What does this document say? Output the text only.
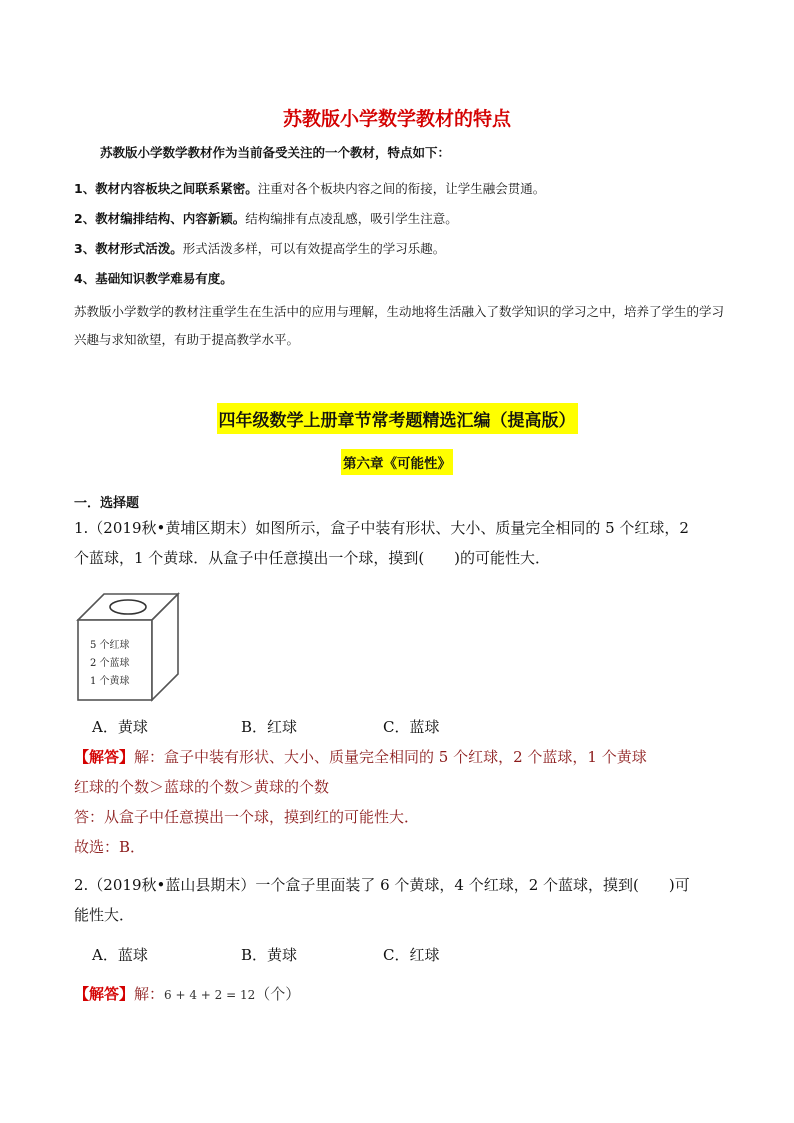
苏教版小学数学教材的特点
苏教版小学数学教材作为当前备受关注的一个教材，特点如下：
1、教材内容板块之间联系紧密。注重对各个板块内容之间的衔接，让学生融会贯通。
2、教材编排结构、内容新颖。结构编排有点凌乱感，吸引学生注意。
3、教材形式活泼。形式活泼多样，可以有效提高学生的学习乐趣。
4、基础知识教学难易有度。
苏教版小学数学的教材注重学生在生活中的应用与理解，生动地将生活融入了数学知识的学习之中，培养了学生的学习兴趣与求知欲望，有助于提高教学水平。
四年级数学上册章节常考题精选汇编（提高版）
第六章《可能性》
一．选择题
1.（2019秋•黄埔区期末）如图所示，盒子中装有形状、大小、质量完全相同的 5 个红球，2
个蓝球，1 个黄球．从盒子中任意摸出一个球，摸到( )的可能性大．
5 个红球
2 个蓝球
1 个黄球
A．黄球	B．红球	C．蓝球
【解答】解：盒子中装有形状、大小、质量完全相同的 5 个红球，2 个蓝球，1 个黄球
红球的个数＞蓝球的个数＞黄球的个数
答：从盒子中任意摸出一个球，摸到红的可能性大．
故选：B．
2.（2019秋•蓝山县期末）一个盒子里面装了 6 个黄球，4 个红球，2 个蓝球，摸到( )可
能性大．
A．蓝球	B．黄球	C．红球
【解答】解：6 + 4 + 2 = 12（个）
